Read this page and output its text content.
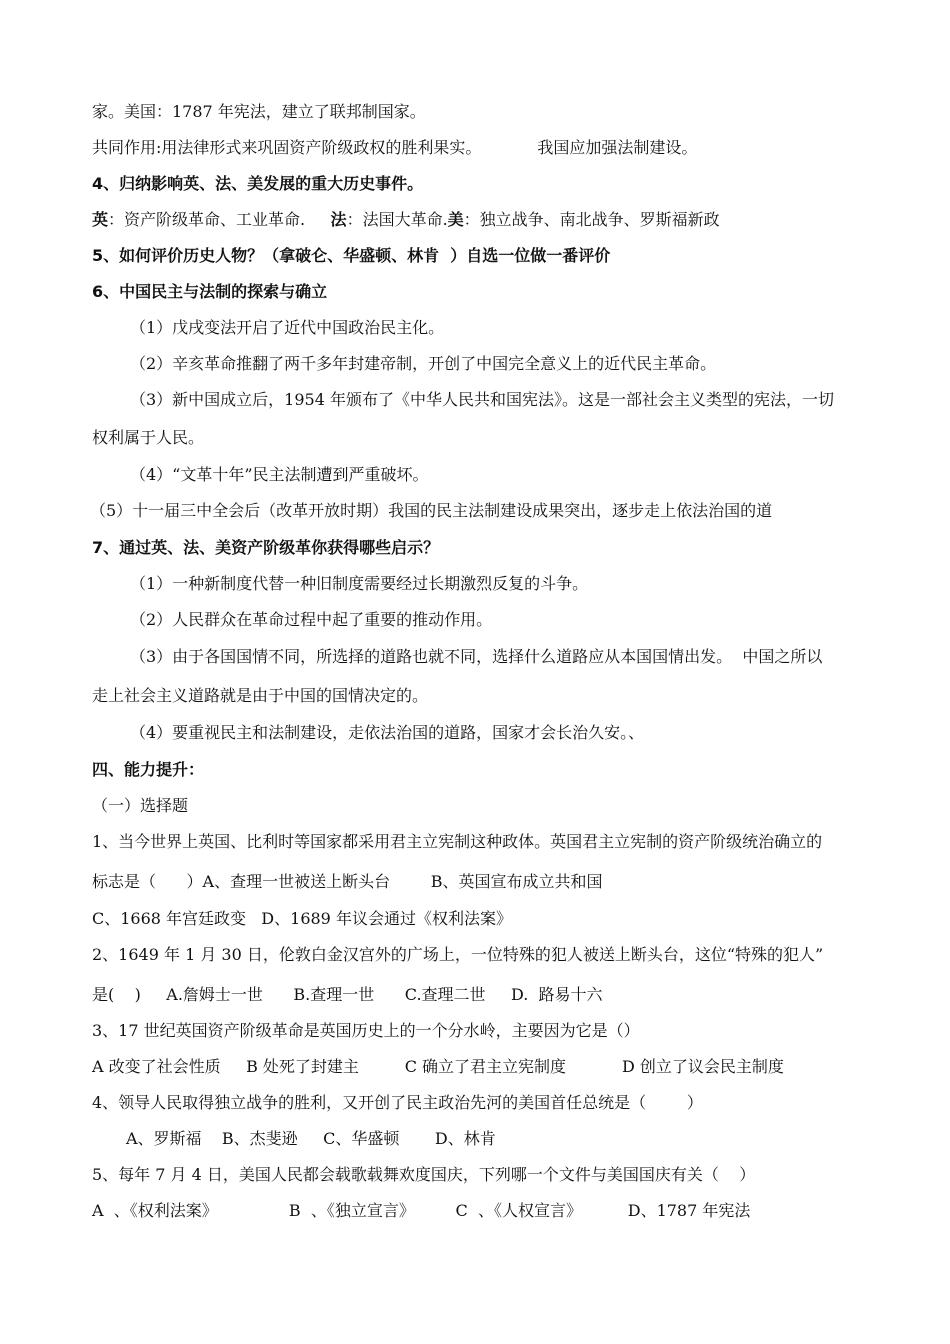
家。美国：1787 年宪法，建立了联邦制国家。
共同作用:用法律形式来巩固资产阶级政权的胜利果实。           我国应加强法制建设。
4、归纳影响英、法、美发展的重大历史事件。
英：资产阶级革命、工业革命.     法：法国大革命.美：独立战争、南北战争、罗斯福新政
5、如何评价历史人物？（拿破仑、华盛顿、林肯  ）自选一位做一番评价
6、中国民主与法制的探索与确立
（1）戊戌变法开启了近代中国政治民主化。
（2）辛亥革命推翻了两千多年封建帝制，开创了中国完全意义上的近代民主革命。
（3）新中国成立后，1954 年颁布了《中华人民共和国宪法》。这是一部社会主义类型的宪法，一切
权利属于人民。
（4）“文革十年”民主法制遭到严重破坏。
（5）十一届三中全会后（改革开放时期）我国的民主法制建设成果突出，逐步走上依法治国的道
7、通过英、法、美资产阶级革你获得哪些启示？
（1）一种新制度代替一种旧制度需要经过长期激烈反复的斗争。
（2）人民群众在革命过程中起了重要的推动作用。
（3）由于各国国情不同，所选择的道路也就不同，选择什么道路应从本国国情出发。  中国之所以
走上社会主义道路就是由于中国的国情决定的。
（4）要重视民主和法制建设，走依法治国的道路，国家才会长治久安。、
四、能力提升：
（一）选择题
1、当今世界上英国、比利时等国家都采用君主立宪制这种政体。英国君主立宪制的资产阶级统治确立的
标志是（      ）A、查理一世被送上断头台        B、英国宣布成立共和国
C、1668 年宫廷政变   D、1689 年议会通过《权利法案》
2、1649 年 1 月 30 日，伦敦白金汉宫外的广场上，一位特殊的犯人被送上断头台，这位“特殊的犯人”
是(    )     A.詹姆士一世      B.查理一世      C.查理二世     D.  路易十六
3、17 世纪英国资产阶级革命是英国历史上的一个分水岭，主要因为它是（）
A 改变了社会性质     B 处死了封建主         C 确立了君主立宪制度           D 创立了议会民主制度
4、领导人民取得独立战争的胜利，又开创了民主政治先河的美国首任总统是（        ）
A、罗斯福    B、杰斐逊     C、华盛顿       D、林肯
5、每年 7 月 4 日，美国人民都会载歌载舞欢度国庆，下列哪一个文件与美国国庆有关（    ）
A  、《权利法案》              B  、《独立宣言》        C  、《人权宣言》         D、1787 年宪法
